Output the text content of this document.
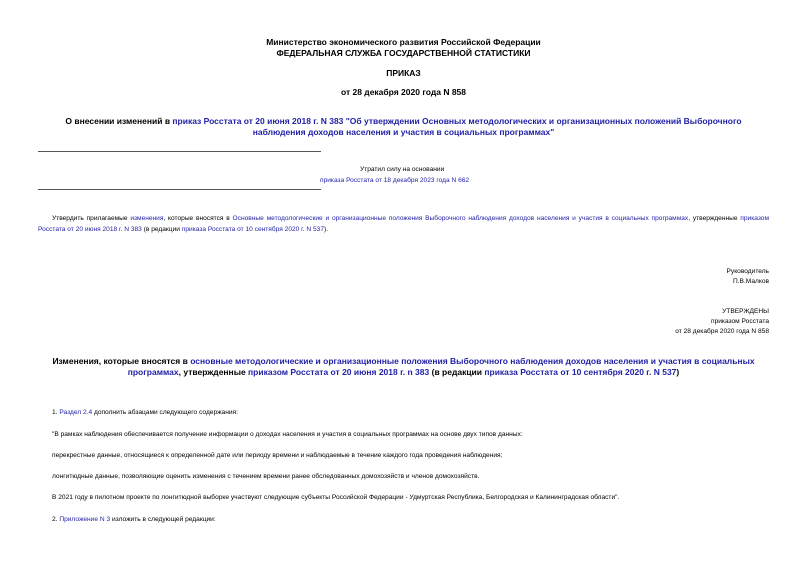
Министерство экономического развития Российской Федерации
ФЕДЕРАЛЬНАЯ СЛУЖБА ГОСУДАРСТВЕННОЙ СТАТИСТИКИ
ПРИКАЗ
от 28 декабря 2020 года N 858
О внесении изменений в приказ Росстата от 20 июня 2018 г. N 383 "Об утверждении Основных методологических и организационных положений Выборочного наблюдения доходов населения и участия в социальных программах"
Утратил силу на основании
приказа Росстата от 18 декабря 2023 года N 662
Утвердить прилагаемые изменения, которые вносятся в Основные методологические и организационные положения Выборочного наблюдения доходов населения и участия в социальных программах, утвержденные приказом Росстата от 20 июня 2018 г. N 383 (в редакции приказа Росстата от 10 сентября 2020 г. N 537).
Руководитель
П.В.Малков
УТВЕРЖДЕНЫ
приказом Росстата
от 28 декабря 2020 года N 858
Изменения, которые вносятся в основные методологические и организационные положения Выборочного наблюдения доходов населения и участия в социальных программах, утвержденные приказом Росстата от 20 июня 2018 г. n 383 (в редакции приказа Росстата от 10 сентября 2020 г. N 537)
1. Раздел 2.4 дополнить абзацами следующего содержания:
"В рамках наблюдения обеспечивается получение информации о доходах населения и участия в социальных программах на основе двух типов данных:
перекрестные данные, относящиеся к определенной дате или периоду времени и наблюдаемые в течение каждого года проведения наблюдения;
лонгитюдные данные, позволяющие оценить изменения с течением времени ранее обследованных домохозяйств и членов домохозяйств.
В 2021 году в пилотном проекте по лонгитюдной выборке участвуют следующие субъекты Российской Федерации - Удмуртская Республика, Белгородская и Калининградская области".
2. Приложение N 3 изложить в следующей редакции:
